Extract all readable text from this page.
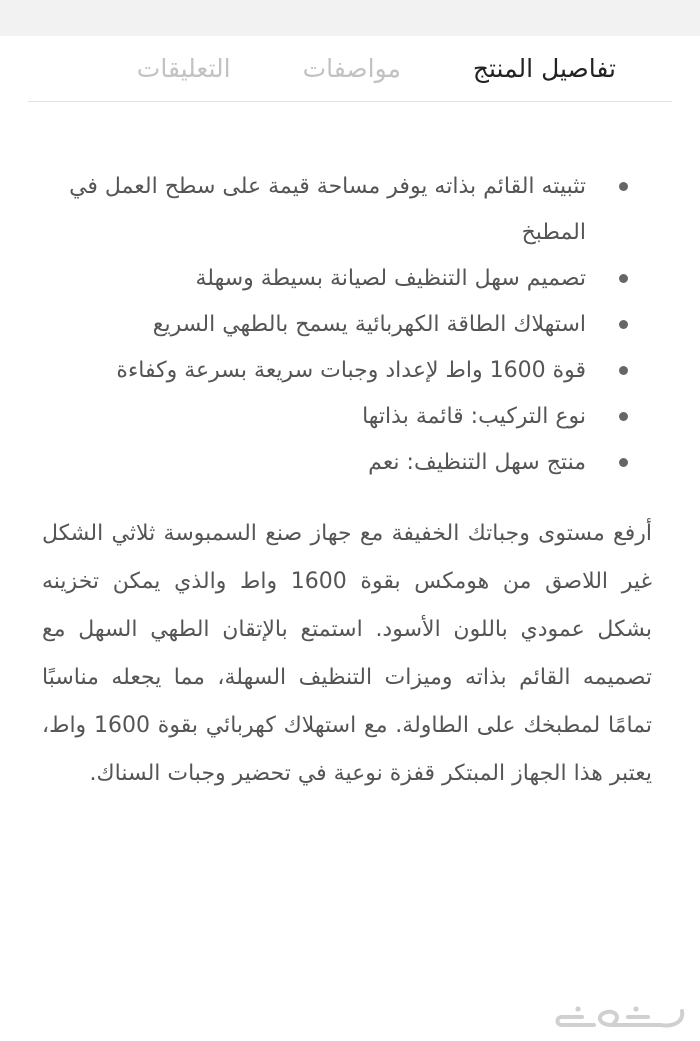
تفاصيل المنتج
مواصفات
التعليقات
تثبيته القائم بذاته يوفر مساحة قيمة على سطح العمل في المطبخ
تصميم سهل التنظيف لصيانة بسيطة وسهلة
استهلاك الطاقة الكهربائية يسمح بالطهي السريع
قوة 1600 واط لإعداد وجبات سريعة بسرعة وكفاءة
نوع التركيب: قائمة بذاتها
منتج سهل التنظيف: نعم

أرفع مستوى وجباتك الخفيفة مع جهاز صنع السمبوسة ثلاثي الشكل غير اللاصق من هومكس بقوة 1600 واط والذي يمكن تخزينه بشكل عمودي باللون الأسود. استمتع بالإتقان الطهي السهل مع تصميمه القائم بذاته وميزات التنظيف السهلة، مما يجعله مناسبًا تمامًا لمطبخك على الطاولة. مع استهلاك كهربائي بقوة 1600 واط، يعتبر هذا الجهاز المبتكر قفزة نوعية في تحضير وجبات السناك.
